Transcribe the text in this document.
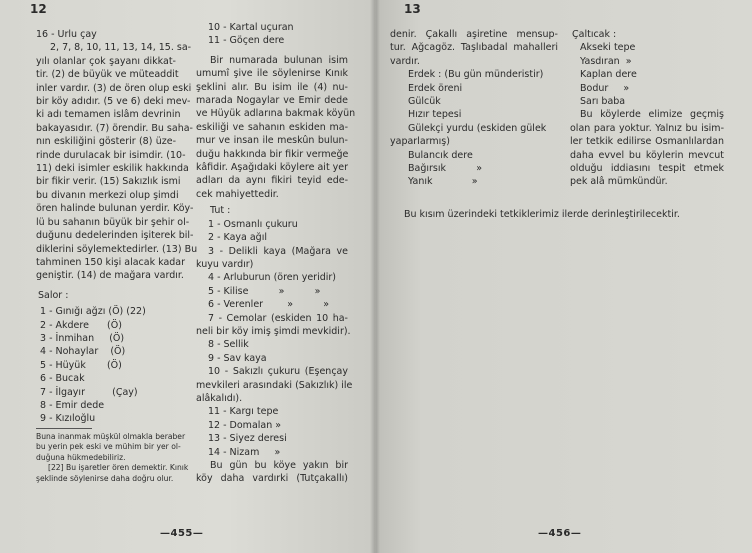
12
16 - Urlu çay
2, 7, 8, 10, 11, 13, 14, 15. sa-
yılı olanlar çok şayanı dikkat-
tir. (2) de büyük ve müteaddit
inler vardır. (3) de ören olup eski
bir köy adıdır. (5 ve 6) deki mev-
ki adı temamen islâm devrinin
bakayasıdır. (7) örendir. Bu saha-
nın eskiliğini gösterir (8) üze-
rinde durulacak bir isimdir. (10-
11) deki isimler eskilik hakkında
bir fikir verir. (15) Sakızlık ismi
bu divanın merkezi olup şimdi
ören halinde bulunan yerdir. Köy-
lü bu sahanın büyük bir şehir ol-
duğunu dedelerinden işiterek bil-
diklerini söylemektedirler. (13) Bu
tahminen 150 kişi alacak kadar
geniştir. (14) de mağara vardır.
Salor :
1 - Gınığı ağzı (Ö) (22)
2 - Akdere      (Ö)
3 - İnmihan     (Ö)
4 - Nohaylar    (Ö)
5 - Hüyük       (Ö)
6 - Bucak
7 - İlgayır         (Çay)
8 - Emir dede
9 - Kızıloğlu
Buna inanmak müşkül olmakla beraber
bu yerin pek eski ve mühim bir yer ol-
duğuna hükmedebiliriz.
[22] Bu işaretler ören demektir. Kınık
şeklinde söylenirse daha doğru olur.
10 - Kartal uçuran
11 - Göçen dere
Bir numarada bulunan isim
umumî şive ile söylenirse Kınık
şeklini alır. Bu isim ile (4) nu-
marada Nogaylar ve Emir dede
ve Hüyük adlarına bakmak köyün
eskiliği ve sahanın eskiden ma-
mur ve insan ile meskûn bulun-
duğu hakkında bir fikir vermeğe
kâfidir. Aşağıdaki köylere ait yer
adları da aynı fikiri teyid ede-
cek mahiyettedir.
Tut :
1 - Osmanlı çukuru
2 - Kaya ağıl
3 - Delikli kaya (Mağara ve
kuyu vardır)
4 - Arluburun (ören yeridir)
5 - Kilise          »          »
6 - Verenler        »          »
7 - Cemolar (eskiden 10 ha-
neli bir köy imiş şimdi mevkidir).
8 - Sellik
9 - Sav kaya
10 - Sakızlı çukuru (Eşençay
mevkileri arasındaki (Sakızlık) ile
alâkalıdı).
11 - Kargı tepe
12 - Domalan »
13 - Siyez deresi
14 - Nizam     »
Bu gün bu köye yakın bir
köy daha vardırki (Tutçakallı)
—455—
13
denir. Çakallı aşiretine mensup-
tur. Ağcagöz. Taşlıbadal mahalleri
vardır.
Erdek : (Bu gün münderistir)
Erdek öreni
Gülcük
Hızır tepesi
Gülekçi yurdu (eskiden gülek
yaparlarmış)
Bulancık dere
Bağırsık          »
Yanık             »
Çaltıcak :
Akseki tepe
Yasdıran  »
Kaplan dere
Bodur     »
Sarı baba
Bu köylerde elimize geçmiş
olan para yoktur. Yalnız bu isim-
ler tetkik edilirse Osmanlılardan
daha evvel bu köylerin mevcut
olduğu iddiasını tespit etmek
pek alâ mümkündür.
Bu kısım üzerindeki tetkiklerimiz ilerde derinleştirilecektir.
—456—
